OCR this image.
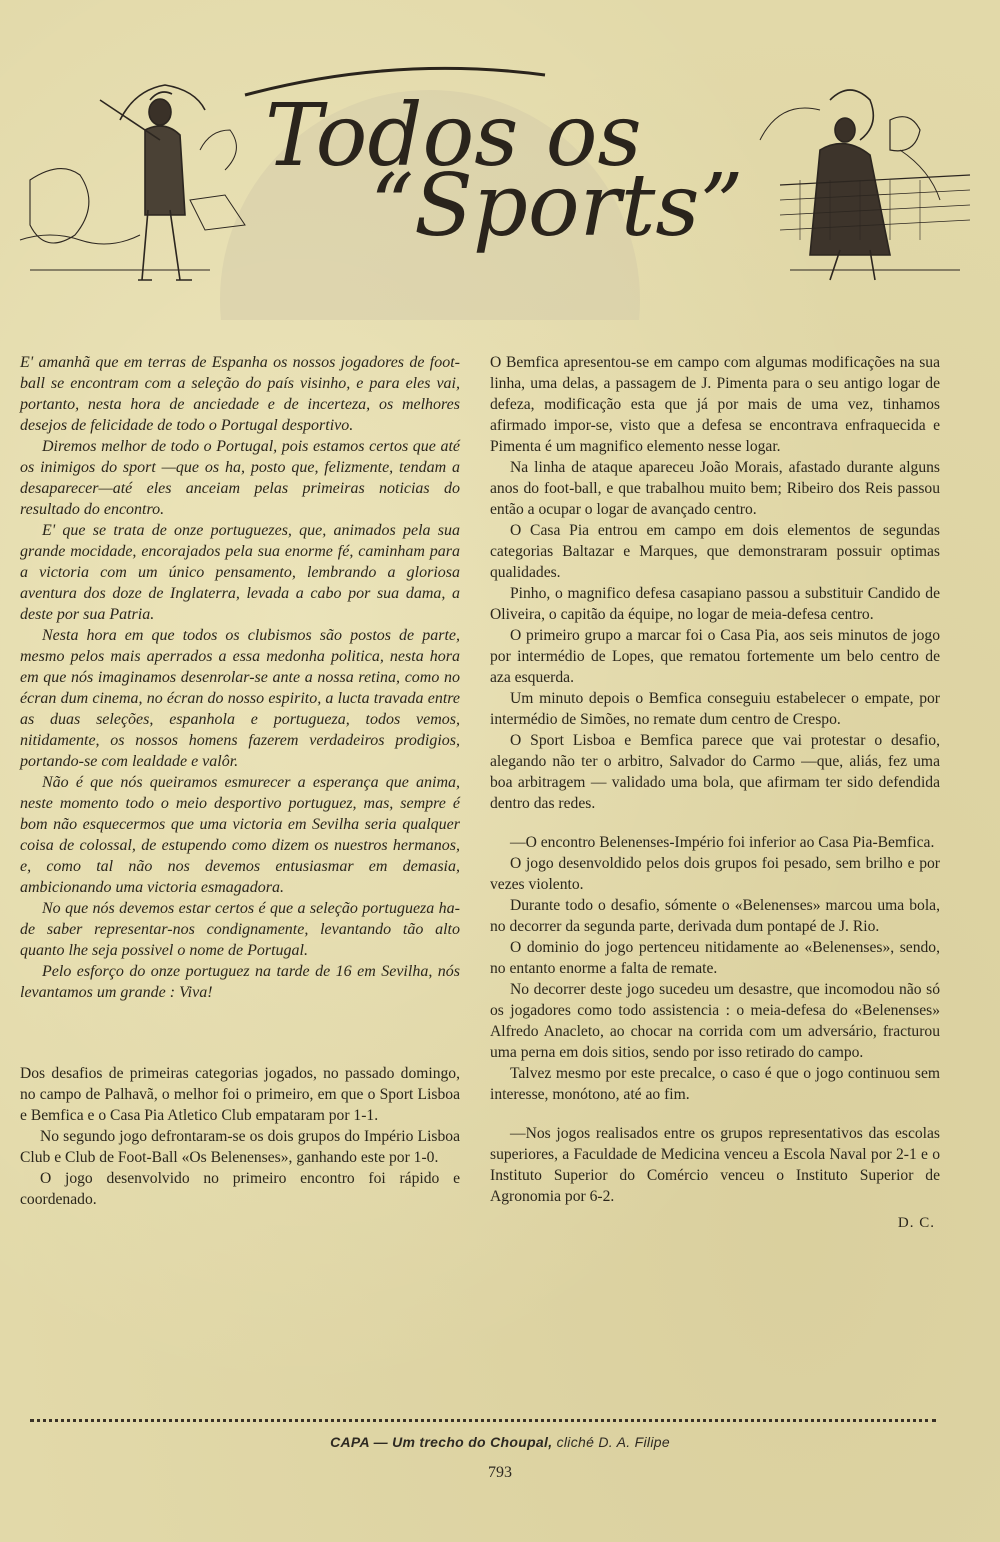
Todos os
“Sports”

E' amanhã que em terras de Espanha os nossos jogadores de foot-ball se encontram com a seleção do país visinho, e para eles vai, portanto, nesta hora de anciedade e de incerteza, os melhores desejos de felicidade de todo o Portugal desportivo.

Diremos melhor de todo o Portugal, pois estamos certos que até os inimigos do sport —que os ha, posto que, felizmente, tendam a desaparecer—até eles anceiam pelas primeiras noticias do resultado do encontro.

E' que se trata de onze portuguezes, que, animados pela sua grande mocidade, encorajados pela sua enorme fé, caminham para a victoria com um único pensamento, lembrando a gloriosa aventura dos doze de Inglaterra, levada a cabo por sua dama, a deste por sua Patria.

Nesta hora em que todos os clubismos são postos de parte, mesmo pelos mais aperrados a essa medonha politica, nesta hora em que nós imaginamos desenrolar-se ante a nossa retina, como no écran dum cinema, no écran do nosso espirito, a lucta travada entre as duas seleções, espanhola e portugueza, todos vemos, nitidamente, os nossos homens fazerem verdadeiros prodigios, portando-se com lealdade e valôr.

Não é que nós queiramos esmurecer a esperança que anima, neste momento todo o meio desportivo portuguez, mas, sempre é bom não esquecermos que uma victoria em Sevilha seria qualquer coisa de colossal, de estupendo como dizem os nuestros hermanos, e, como tal não nos devemos entusiasmar em demasia, ambicionando uma victoria esmagadora.

No que nós devemos estar certos é que a seleção portugueza ha-de saber representar-nos condignamente, levantando tão alto quanto lhe seja possivel o nome de Portugal.

Pelo esforço do onze portuguez na tarde de 16 em Sevilha, nós levantamos um grande : Viva!

Dos desafios de primeiras categorias jogados, no passado domingo, no campo de Palhavã, o melhor foi o primeiro, em que o Sport Lisboa e Bemfica e o Casa Pia Atletico Club empataram por 1-1.

No segundo jogo defrontaram-se os dois grupos do Império Lisboa Club e Club de Foot-Ball «Os Belenenses», ganhando este por 1-0.

O jogo desenvolvido no primeiro encontro foi rápido e coordenado.

O Bemfica apresentou-se em campo com algumas modificações na sua linha, uma delas, a passagem de J. Pimenta para o seu antigo logar de defeza, modificação esta que já por mais de uma vez, tinhamos afirmado impor-se, visto que a defesa se encontrava enfraquecida e Pimenta é um magnifico elemento nesse logar.

Na linha de ataque apareceu João Morais, afastado durante alguns anos do foot-ball, e que trabalhou muito bem; Ribeiro dos Reis passou então a ocupar o logar de avançado centro.

O Casa Pia entrou em campo em dois elementos de segundas categorias Baltazar e Marques, que demonstraram possuir optimas qualidades.

Pinho, o magnifico defesa casapiano passou a substituir Candido de Oliveira, o capitão da équipe, no logar de meia-defesa centro.

O primeiro grupo a marcar foi o Casa Pia, aos seis minutos de jogo por intermédio de Lopes, que rematou fortemente um belo centro de aza esquerda.

Um minuto depois o Bemfica conseguiu estabelecer o empate, por intermédio de Simões, no remate dum centro de Crespo.

O Sport Lisboa e Bemfica parece que vai protestar o desafio, alegando não ter o arbitro, Salvador do Carmo —que, aliás, fez uma boa arbitragem — validado uma bola, que afirmam ter sido defendida dentro das redes.

—O encontro Belenenses-Império foi inferior ao Casa Pia-Bemfica.

O jogo desenvoldido pelos dois grupos foi pesado, sem brilho e por vezes violento.

Durante todo o desafio, sómente o «Belenenses» marcou uma bola, no decorrer da segunda parte, derivada dum pontapé de J. Rio.

O dominio do jogo pertenceu nitidamente ao «Belenenses», sendo, no entanto enorme a falta de remate.

No decorrer deste jogo sucedeu um desastre, que incomodou não só os jogadores como todo assistencia : o meia-defesa do «Belenenses» Alfredo Anacleto, ao chocar na corrida com um adversário, fracturou uma perna em dois sitios, sendo por isso retirado do campo.

Talvez mesmo por este precalce, o caso é que o jogo continuou sem interesse, monótono, até ao fim.

—Nos jogos realisados entre os grupos representativos das escolas superiores, a Faculdade de Medicina venceu a Escola Naval por 2-1 e o Instituto Superior do Comércio venceu o Instituto Superior de Agronomia por 6-2.

D. C.
CAPA — Um trecho do Choupal, cliché D. A. Filipe
793
